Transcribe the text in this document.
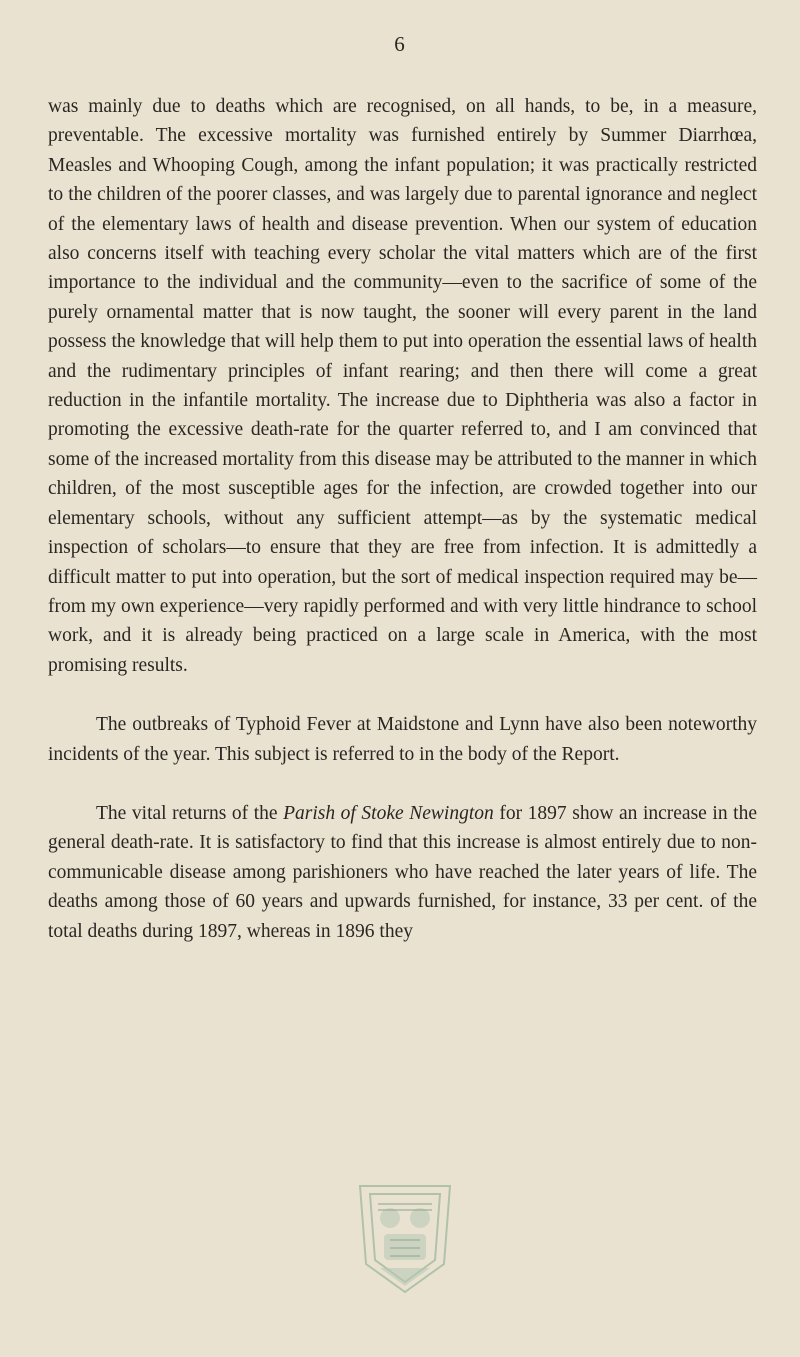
6

was mainly due to deaths which are recognised, on all hands, to be, in a measure, preventable. The excessive mortality was furnished entirely by Summer Diarrhœa, Measles and Whooping Cough, among the infant population; it was practically restricted to the children of the poorer classes, and was largely due to parental ignorance and neglect of the elementary laws of health and disease prevention. When our system of education also concerns itself with teaching every scholar the vital matters which are of the first importance to the individual and the community—even to the sacrifice of some of the purely ornamental matter that is now taught, the sooner will every parent in the land possess the knowledge that will help them to put into operation the essential laws of health and the rudimentary principles of infant rearing; and then there will come a great reduction in the infantile mortality. The increase due to Diphtheria was also a factor in promoting the excessive death-rate for the quarter referred to, and I am convinced that some of the increased mortality from this disease may be attributed to the manner in which children, of the most susceptible ages for the infection, are crowded together into our elementary schools, without any sufficient attempt—as by the systematic medical inspection of scholars—to ensure that they are free from infection. It is admittedly a difficult matter to put into operation, but the sort of medical inspection required may be—from my own experience—very rapidly performed and with very little hindrance to school work, and it is already being practiced on a large scale in America, with the most promising results.

The outbreaks of Typhoid Fever at Maidstone and Lynn have also been noteworthy incidents of the year. This subject is referred to in the body of the Report.

The vital returns of the Parish of Stoke Newington for 1897 show an increase in the general death-rate. It is satisfactory to find that this increase is almost entirely due to non-communicable disease among parishioners who have reached the later years of life. The deaths among those of 60 years and upwards furnished, for instance, 33 per cent. of the total deaths during 1897, whereas in 1896 they
